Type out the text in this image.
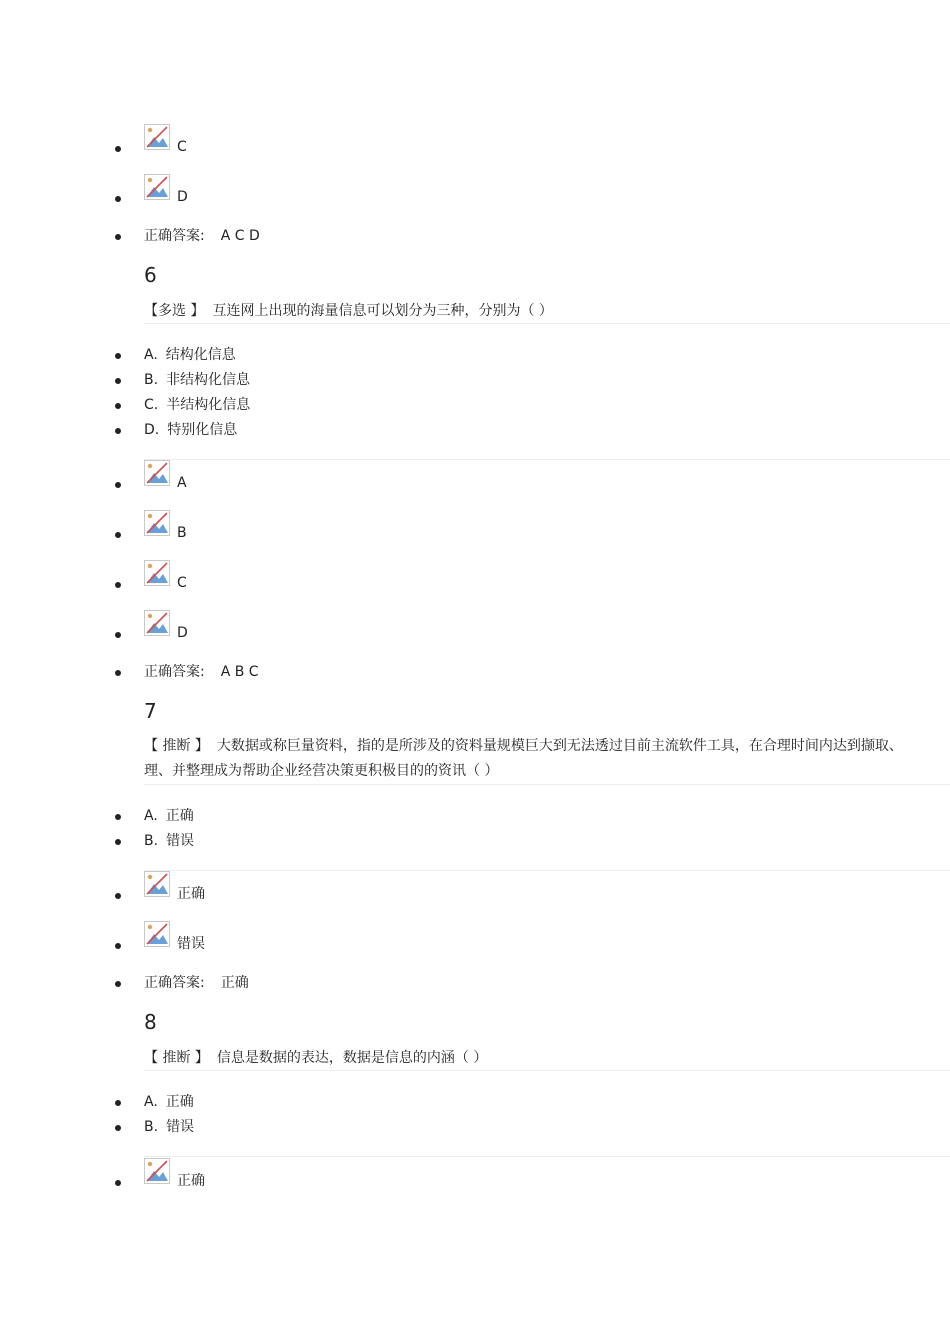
C
D
正确答案: A C D
6
【多选 】 互连网上出现的海量信息可以划分为三种，分别为（ ）
A. 结构化信息
B. 非结构化信息
C. 半结构化信息
D. 特别化信息
A
B
C
D
正确答案: A B C
7
【 推断 】 大数据或称巨量资料，指的是所涉及的资料量规模巨大到无法透过目前主流软件工具，在合理时间内达到撷取、
理、并整理成为帮助企业经营决策更积极目的的资讯（ ）
A. 正确
B. 错误
正确
错误
正确答案: 正确
8
【 推断 】 信息是数据的表达，数据是信息的内涵（ ）
A. 正确
B. 错误
正确
